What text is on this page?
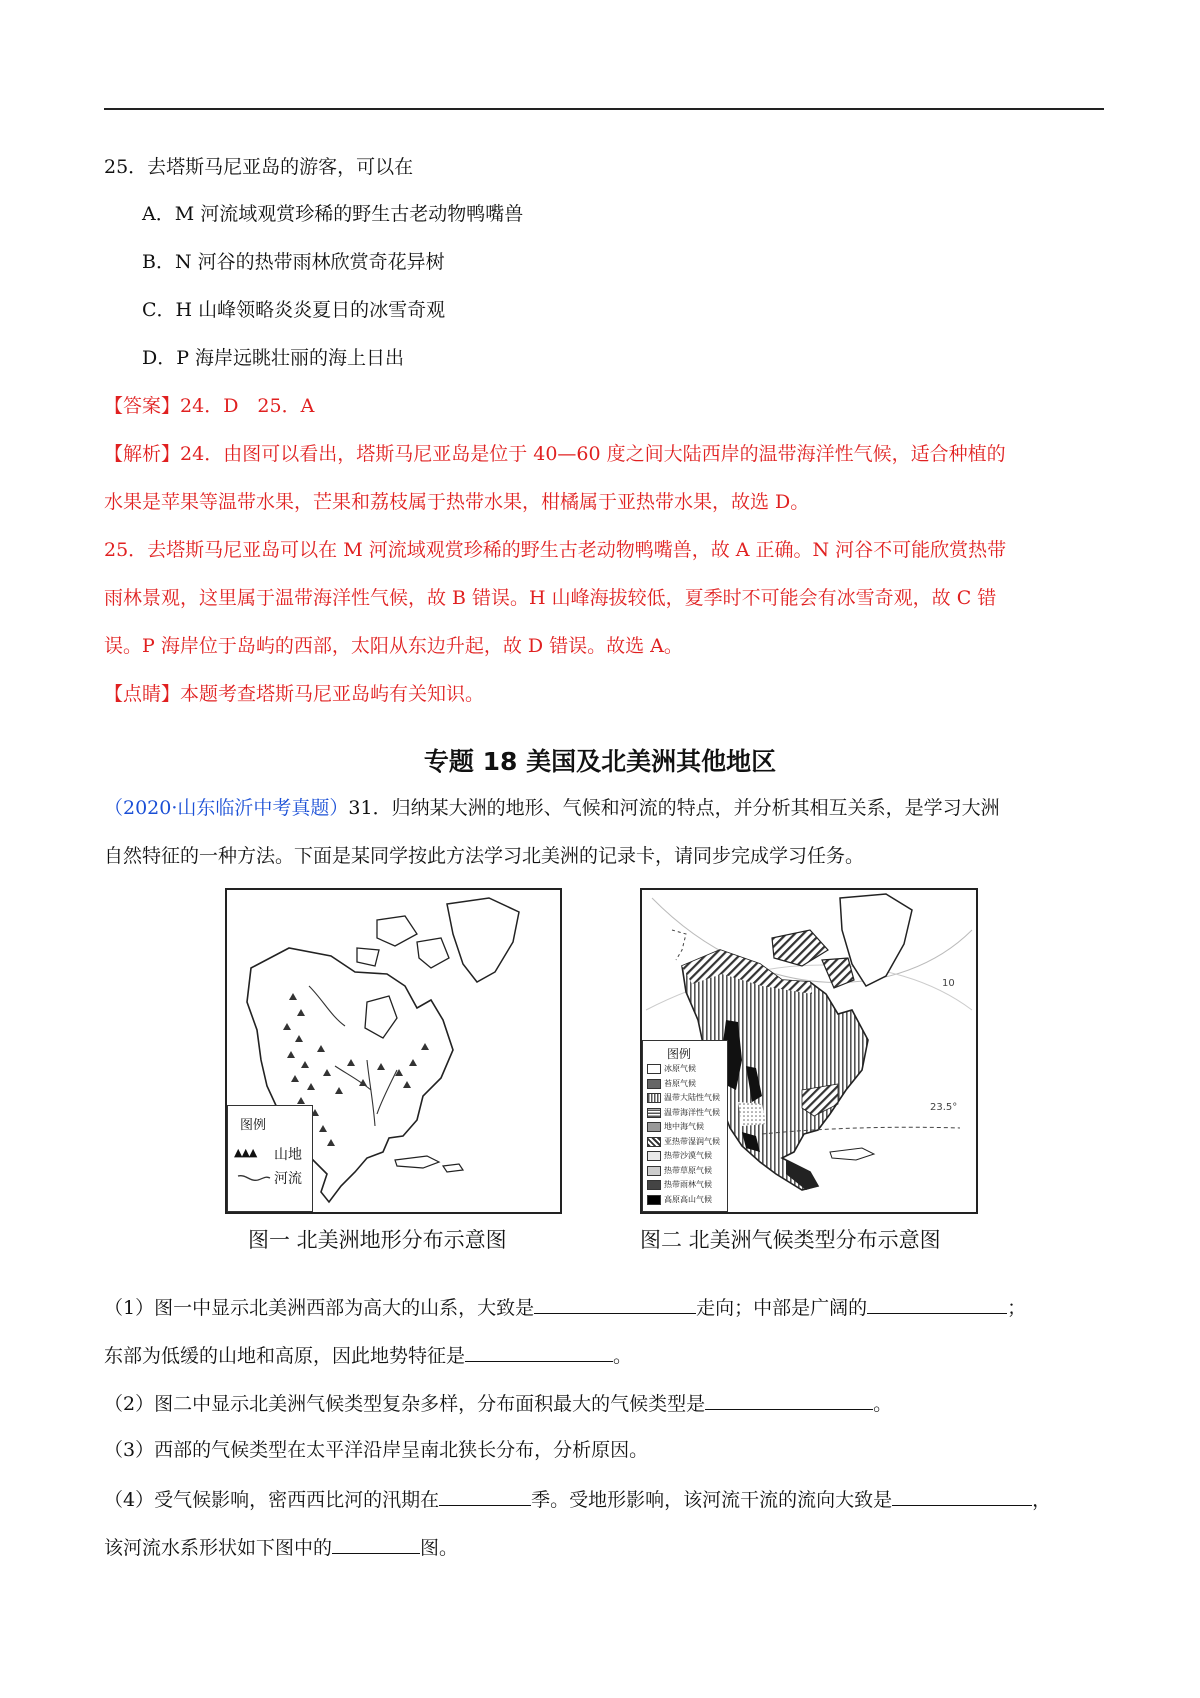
25．去塔斯马尼亚岛的游客，可以在
A．M 河流域观赏珍稀的野生古老动物鸭嘴兽
B．N 河谷的热带雨林欣赏奇花异树
C．H 山峰领略炎炎夏日的冰雪奇观
D．P 海岸远眺壮丽的海上日出
【答案】24．D　25．A
【解析】24．由图可以看出，塔斯马尼亚岛是位于 40—60 度之间大陆西岸的温带海洋性气候，适合种植的
水果是苹果等温带水果，芒果和荔枝属于热带水果，柑橘属于亚热带水果，故选 D。
25．去塔斯马尼亚岛可以在 M 河流域观赏珍稀的野生古老动物鸭嘴兽，故 A 正确。N 河谷不可能欣赏热带
雨林景观，这里属于温带海洋性气候，故 B 错误。H 山峰海拔较低，夏季时不可能会有冰雪奇观，故 C 错
误。P 海岸位于岛屿的西部，太阳从东边升起，故 D 错误。故选 A。
【点睛】本题考查塔斯马尼亚岛屿有关知识。
专题 18 美国及北美洲其他地区
（2020·山东临沂中考真题）31．归纳某大洲的地形、气候和河流的特点，并分析其相互关系，是学习大洲
自然特征的一种方法。下面是某同学按此方法学习北美洲的记录卡，请同步完成学习任务。
图例
▲▲▲ 山地
河流
23.5°
10
图例
冰原气候
苔原气候
温带大陆性气候
温带海洋性气候
地中海气候
亚热带湿润气候
热带沙漠气候
热带草原气候
热带雨林气候
高原高山气候
图一 北美洲地形分布示意图	图二 北美洲气候类型分布示意图
（1）图一中显示北美洲西部为高大的山系，大致是	走向；中部是广阔的	；
东部为低缓的山地和高原，因此地势特征是	。
（2）图二中显示北美洲气候类型复杂多样，分布面积最大的气候类型是	。
（3）西部的气候类型在太平洋沿岸呈南北狭长分布，分析原因。
（4）受气候影响，密西西比河的汛期在	季。受地形影响，该河流干流的流向大致是	，
该河流水系形状如下图中的	图。
